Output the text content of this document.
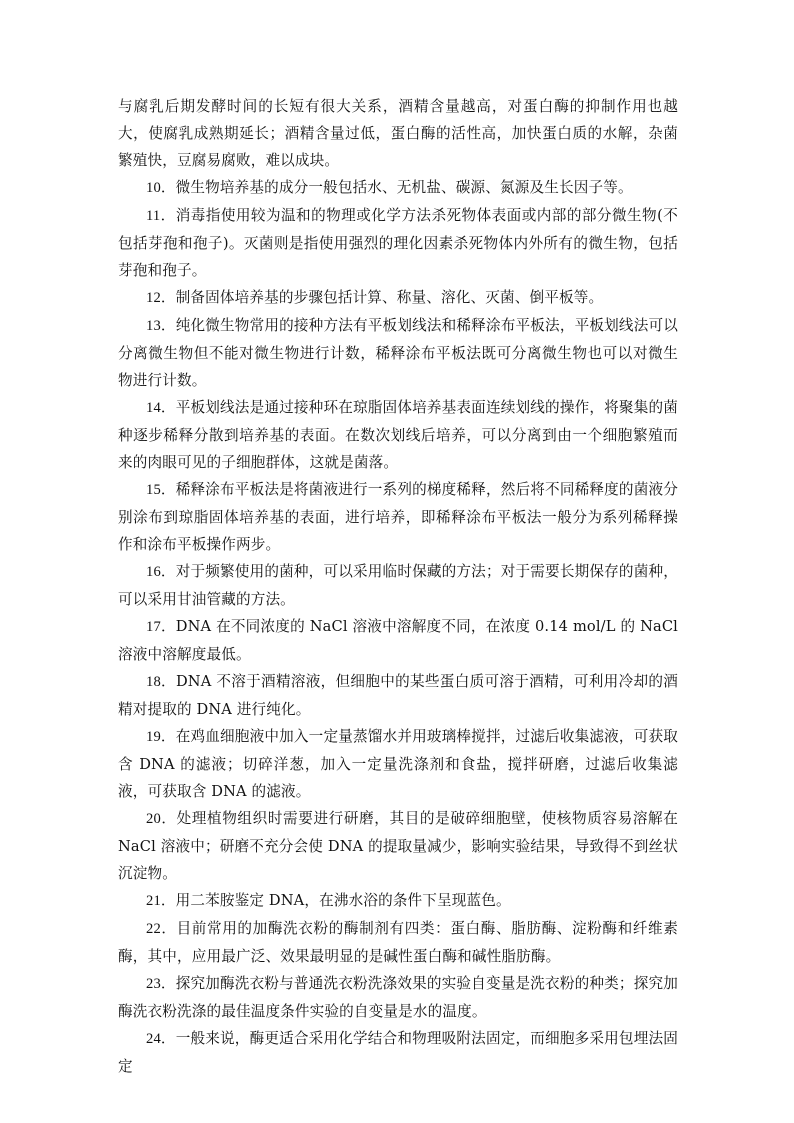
与腐乳后期发酵时间的长短有很大关系，酒精含量越高，对蛋白酶的抑制作用也越大，使腐乳成熟期延长；酒精含量过低，蛋白酶的活性高，加快蛋白质的水解，杂菌繁殖快，豆腐易腐败，难以成块。

10．微生物培养基的成分一般包括水、无机盐、碳源、氮源及生长因子等。

11．消毒指使用较为温和的物理或化学方法杀死物体表面或内部的部分微生物(不包括芽孢和孢子)。灭菌则是指使用强烈的理化因素杀死物体内外所有的微生物，包括芽孢和孢子。

12．制备固体培养基的步骤包括计算、称量、溶化、灭菌、倒平板等。

13．纯化微生物常用的接种方法有平板划线法和稀释涂布平板法，平板划线法可以分离微生物但不能对微生物进行计数，稀释涂布平板法既可分离微生物也可以对微生物进行计数。

14．平板划线法是通过接种环在琼脂固体培养基表面连续划线的操作，将聚集的菌种逐步稀释分散到培养基的表面。在数次划线后培养，可以分离到由一个细胞繁殖而来的肉眼可见的子细胞群体，这就是菌落。

15．稀释涂布平板法是将菌液进行一系列的梯度稀释，然后将不同稀释度的菌液分别涂布到琼脂固体培养基的表面，进行培养，即稀释涂布平板法一般分为系列稀释操作和涂布平板操作两步。

16．对于频繁使用的菌种，可以采用临时保藏的方法；对于需要长期保存的菌种，可以采用甘油管藏的方法。

17．DNA 在不同浓度的 NaCl 溶液中溶解度不同，在浓度 0.14 mol/L 的 NaCl 溶液中溶解度最低。

18．DNA 不溶于酒精溶液，但细胞中的某些蛋白质可溶于酒精，可利用冷却的酒精对提取的 DNA 进行纯化。

19．在鸡血细胞液中加入一定量蒸馏水并用玻璃棒搅拌，过滤后收集滤液，可获取含 DNA 的滤液；切碎洋葱，加入一定量洗涤剂和食盐，搅拌研磨，过滤后收集滤液，可获取含 DNA 的滤液。

20．处理植物组织时需要进行研磨，其目的是破碎细胞壁，使核物质容易溶解在 NaCl 溶液中；研磨不充分会使 DNA 的提取量减少，影响实验结果，导致得不到丝状沉淀物。

21．用二苯胺鉴定 DNA，在沸水浴的条件下呈现蓝色。

22．目前常用的加酶洗衣粉的酶制剂有四类：蛋白酶、脂肪酶、淀粉酶和纤维素酶，其中，应用最广泛、效果最明显的是碱性蛋白酶和碱性脂肪酶。

23．探究加酶洗衣粉与普通洗衣粉洗涤效果的实验自变量是洗衣粉的种类；探究加酶洗衣粉洗涤的最佳温度条件实验的自变量是水的温度。

24．一般来说，酶更适合采用化学结合和物理吸附法固定，而细胞多采用包埋法固定
